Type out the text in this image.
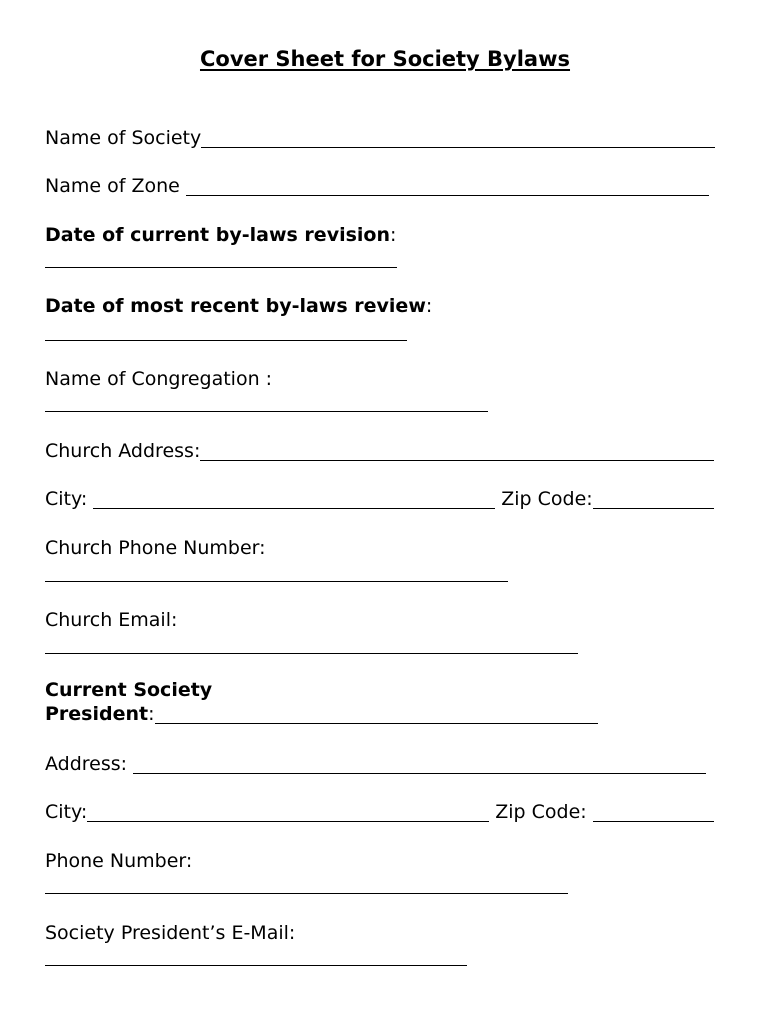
Cover Sheet for Society Bylaws
Name of Society
Name of Zone
Date of current by-laws revision :
Date of most recent by-laws review :
Name of Congregation :
Church Address:
City:	Zip Code:
Church Phone Number:
Church Email:
Current Society
President :
Address:
City:	Zip Code:
Phone Number:
Society President’s E-Mail:
